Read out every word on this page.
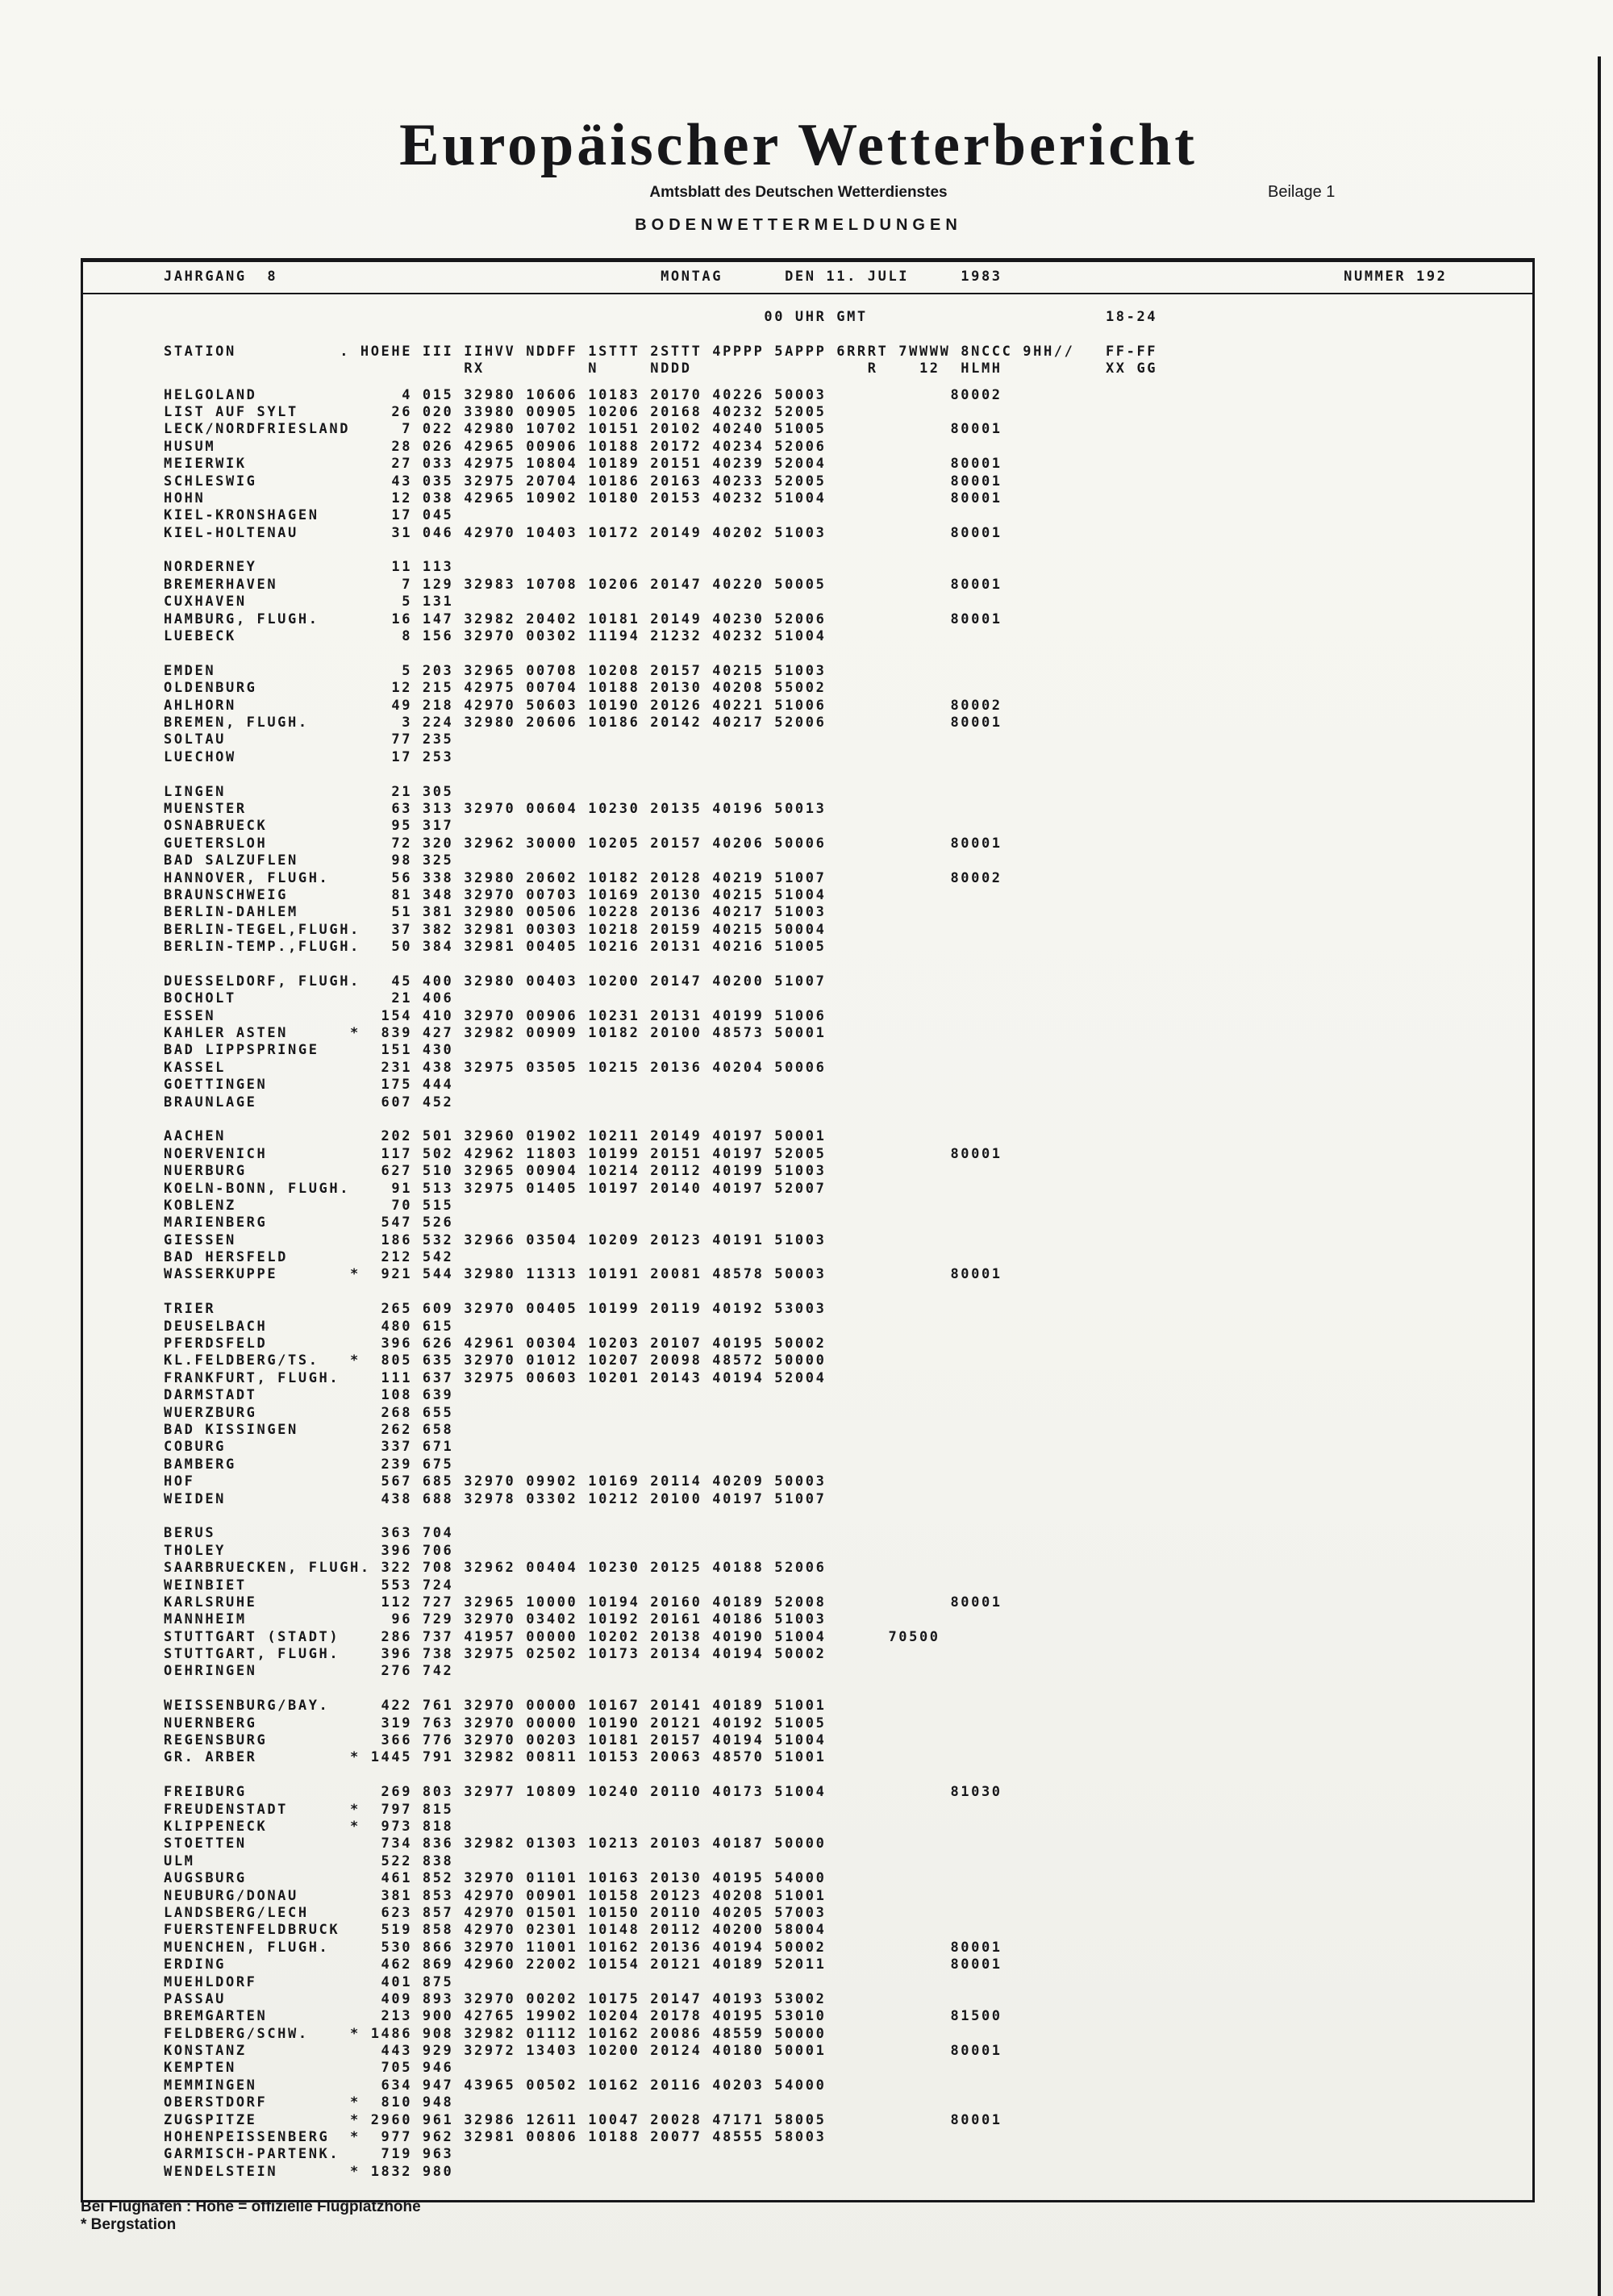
Europäischer Wetterbericht
Amtsblatt des Deutschen Wetterdienstes	Beilage 1
BODENWETTERMELDUNGEN
JAHRGANG  8                                     MONTAG      DEN 11. JULI     1983                                 NUMMER 192
00 UHR GMT                       18-24
STATION          . HOEHE III IIHVV NDDFF 1STTT 2STTT 4PPPP 5APPP 6RRRT 7WWWW 8NCCC 9HH//   FF-FF
RX          N     NDDD                 R    12  HLMH          XX GG
HELGOLAND              4 015 32980 10606 10183 20170 40226 50003            80002
LIST AUF SYLT         26 020 33980 00905 10206 20168 40232 52005
LECK/NORDFRIESLAND     7 022 42980 10702 10151 20102 40240 51005            80001
HUSUM                 28 026 42965 00906 10188 20172 40234 52006
MEIERWIK              27 033 42975 10804 10189 20151 40239 52004            80001
SCHLESWIG             43 035 32975 20704 10186 20163 40233 52005            80001
HOHN                  12 038 42965 10902 10180 20153 40232 51004            80001
KIEL-KRONSHAGEN       17 045
KIEL-HOLTENAU         31 046 42970 10403 10172 20149 40202 51003            80001
NORDERNEY             11 113
BREMERHAVEN            7 129 32983 10708 10206 20147 40220 50005            80001
CUXHAVEN               5 131
HAMBURG, FLUGH.       16 147 32982 20402 10181 20149 40230 52006            80001
LUEBECK                8 156 32970 00302 11194 21232 40232 51004
EMDEN                  5 203 32965 00708 10208 20157 40215 51003
OLDENBURG             12 215 42975 00704 10188 20130 40208 55002
AHLHORN               49 218 42970 50603 10190 20126 40221 51006            80002
BREMEN, FLUGH.         3 224 32980 20606 10186 20142 40217 52006            80001
SOLTAU                77 235
LUECHOW               17 253
LINGEN                21 305
MUENSTER              63 313 32970 00604 10230 20135 40196 50013
OSNABRUECK            95 317
GUETERSLOH            72 320 32962 30000 10205 20157 40206 50006            80001
BAD SALZUFLEN         98 325
HANNOVER, FLUGH.      56 338 32980 20602 10182 20128 40219 51007            80002
BRAUNSCHWEIG          81 348 32970 00703 10169 20130 40215 51004
BERLIN-DAHLEM         51 381 32980 00506 10228 20136 40217 51003
BERLIN-TEGEL,FLUGH.   37 382 32981 00303 10218 20159 40215 50004
BERLIN-TEMP.,FLUGH.   50 384 32981 00405 10216 20131 40216 51005
DUESSELDORF, FLUGH.   45 400 32980 00403 10200 20147 40200 51007
BOCHOLT               21 406
ESSEN                154 410 32970 00906 10231 20131 40199 51006
KAHLER ASTEN      *  839 427 32982 00909 10182 20100 48573 50001
BAD LIPPSPRINGE      151 430
KASSEL               231 438 32975 03505 10215 20136 40204 50006
GOETTINGEN           175 444
BRAUNLAGE            607 452
AACHEN               202 501 32960 01902 10211 20149 40197 50001
NOERVENICH           117 502 42962 11803 10199 20151 40197 52005            80001
NUERBURG             627 510 32965 00904 10214 20112 40199 51003
KOELN-BONN, FLUGH.    91 513 32975 01405 10197 20140 40197 52007
KOBLENZ               70 515
MARIENBERG           547 526
GIESSEN              186 532 32966 03504 10209 20123 40191 51003
BAD HERSFELD         212 542
WASSERKUPPE       *  921 544 32980 11313 10191 20081 48578 50003            80001
TRIER                265 609 32970 00405 10199 20119 40192 53003
DEUSELBACH           480 615
PFERDSFELD           396 626 42961 00304 10203 20107 40195 50002
KL.FELDBERG/TS.   *  805 635 32970 01012 10207 20098 48572 50000
FRANKFURT, FLUGH.    111 637 32975 00603 10201 20143 40194 52004
DARMSTADT            108 639
WUERZBURG            268 655
BAD KISSINGEN        262 658
COBURG               337 671
BAMBERG              239 675
HOF                  567 685 32970 09902 10169 20114 40209 50003
WEIDEN               438 688 32978 03302 10212 20100 40197 51007
BERUS                363 704
THOLEY               396 706
SAARBRUECKEN, FLUGH. 322 708 32962 00404 10230 20125 40188 52006
WEINBIET             553 724
KARLSRUHE            112 727 32965 10000 10194 20160 40189 52008            80001
MANNHEIM              96 729 32970 03402 10192 20161 40186 51003
STUTTGART (STADT)    286 737 41957 00000 10202 20138 40190 51004      70500
STUTTGART, FLUGH.    396 738 32975 02502 10173 20134 40194 50002
OEHRINGEN            276 742
WEISSENBURG/BAY.     422 761 32970 00000 10167 20141 40189 51001
NUERNBERG            319 763 32970 00000 10190 20121 40192 51005
REGENSBURG           366 776 32970 00203 10181 20157 40194 51004
GR. ARBER         * 1445 791 32982 00811 10153 20063 48570 51001
FREIBURG             269 803 32977 10809 10240 20110 40173 51004            81030
FREUDENSTADT      *  797 815
KLIPPENECK        *  973 818
STOETTEN             734 836 32982 01303 10213 20103 40187 50000
ULM                  522 838
AUGSBURG             461 852 32970 01101 10163 20130 40195 54000
NEUBURG/DONAU        381 853 42970 00901 10158 20123 40208 51001
LANDSBERG/LECH       623 857 42970 01501 10150 20110 40205 57003
FUERSTENFELDBRUCK    519 858 42970 02301 10148 20112 40200 58004
MUENCHEN, FLUGH.     530 866 32970 11001 10162 20136 40194 50002            80001
ERDING               462 869 42960 22002 10154 20121 40189 52011            80001
MUEHLDORF            401 875
PASSAU               409 893 32970 00202 10175 20147 40193 53002
BREMGARTEN           213 900 42765 19902 10204 20178 40195 53010            81500
FELDBERG/SCHW.    * 1486 908 32982 01112 10162 20086 48559 50000
KONSTANZ             443 929 32972 13403 10200 20124 40180 50001            80001
KEMPTEN              705 946
MEMMINGEN            634 947 43965 00502 10162 20116 40203 54000
OBERSTDORF        *  810 948
ZUGSPITZE         * 2960 961 32986 12611 10047 20028 47171 58005            80001
HOHENPEISSENBERG  *  977 962 32981 00806 10188 20077 48555 58003
GARMISCH-PARTENK.    719 963
WENDELSTEIN       * 1832 980
Bei Flughäfen : Höhe = offizielle Flugplatzhöhe
* Bergstation
